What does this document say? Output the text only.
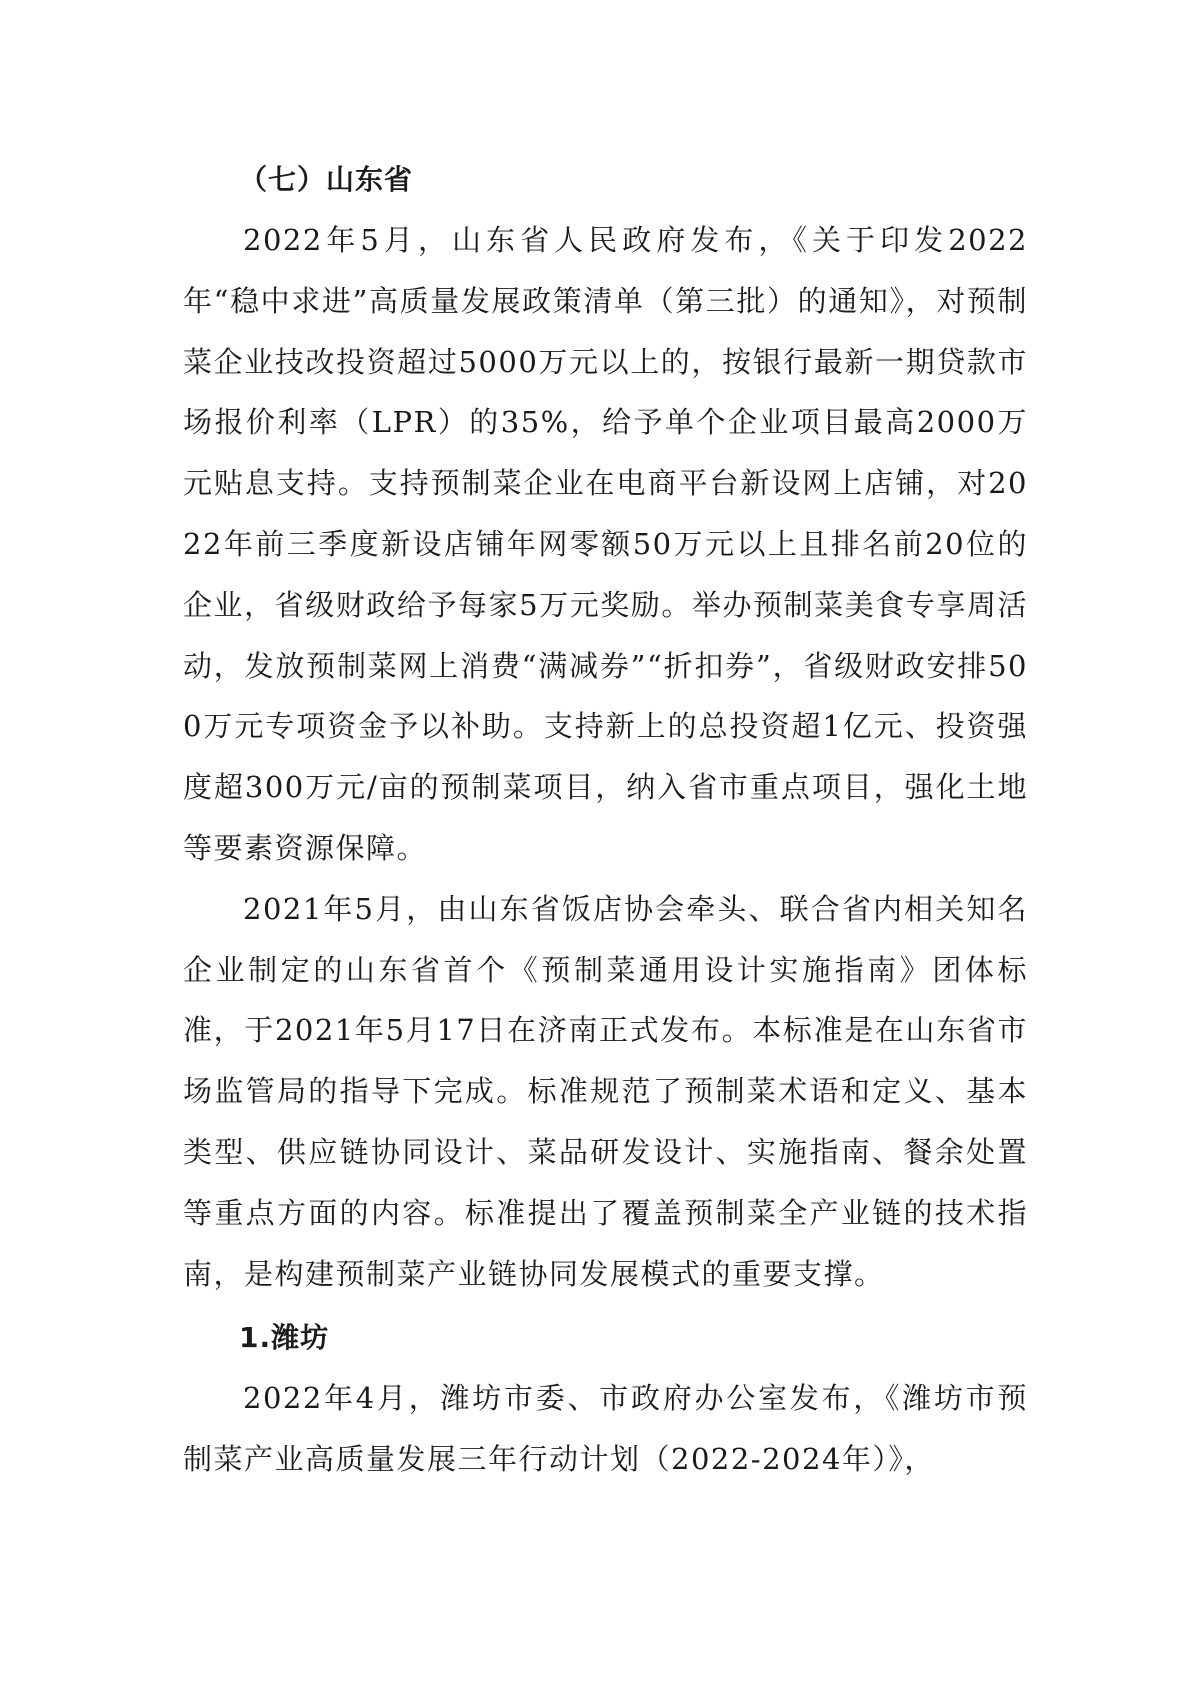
（七）山东省

2022年5月，山东省人民政府发布，《关于印发2022年“稳中求进”高质量发展政策清单（第三批）的通知》，对预制菜企业技改投资超过5000万元以上的，按银行最新一期贷款市场报价利率（LPR）的35%，给予单个企业项目最高2000万元贴息支持。支持预制菜企业在电商平台新设网上店铺，对2022年前三季度新设店铺年网零额50万元以上且排名前20位的企业，省级财政给予每家5万元奖励。举办预制菜美食专享周活动，发放预制菜网上消费“满减券”“折扣券”，省级财政安排500万元专项资金予以补助。支持新上的总投资超1亿元、投资强度超300万元/亩的预制菜项目，纳入省市重点项目，强化土地等要素资源保障。

2021年5月，由山东省饭店协会牵头、联合省内相关知名企业制定的山东省首个《预制菜通用设计实施指南》团体标准，于2021年5月17日在济南正式发布。本标准是在山东省市场监管局的指导下完成。标准规范了预制菜术语和定义、基本类型、供应链协同设计、菜品研发设计、实施指南、餐余处置等重点方面的内容。标准提出了覆盖预制菜全产业链的技术指南，是构建预制菜产业链协同发展模式的重要支撑。

1.潍坊

2022年4月，潍坊市委、市政府办公室发布，《潍坊市预制菜产业高质量发展三年行动计划（2022-2024年）》，
